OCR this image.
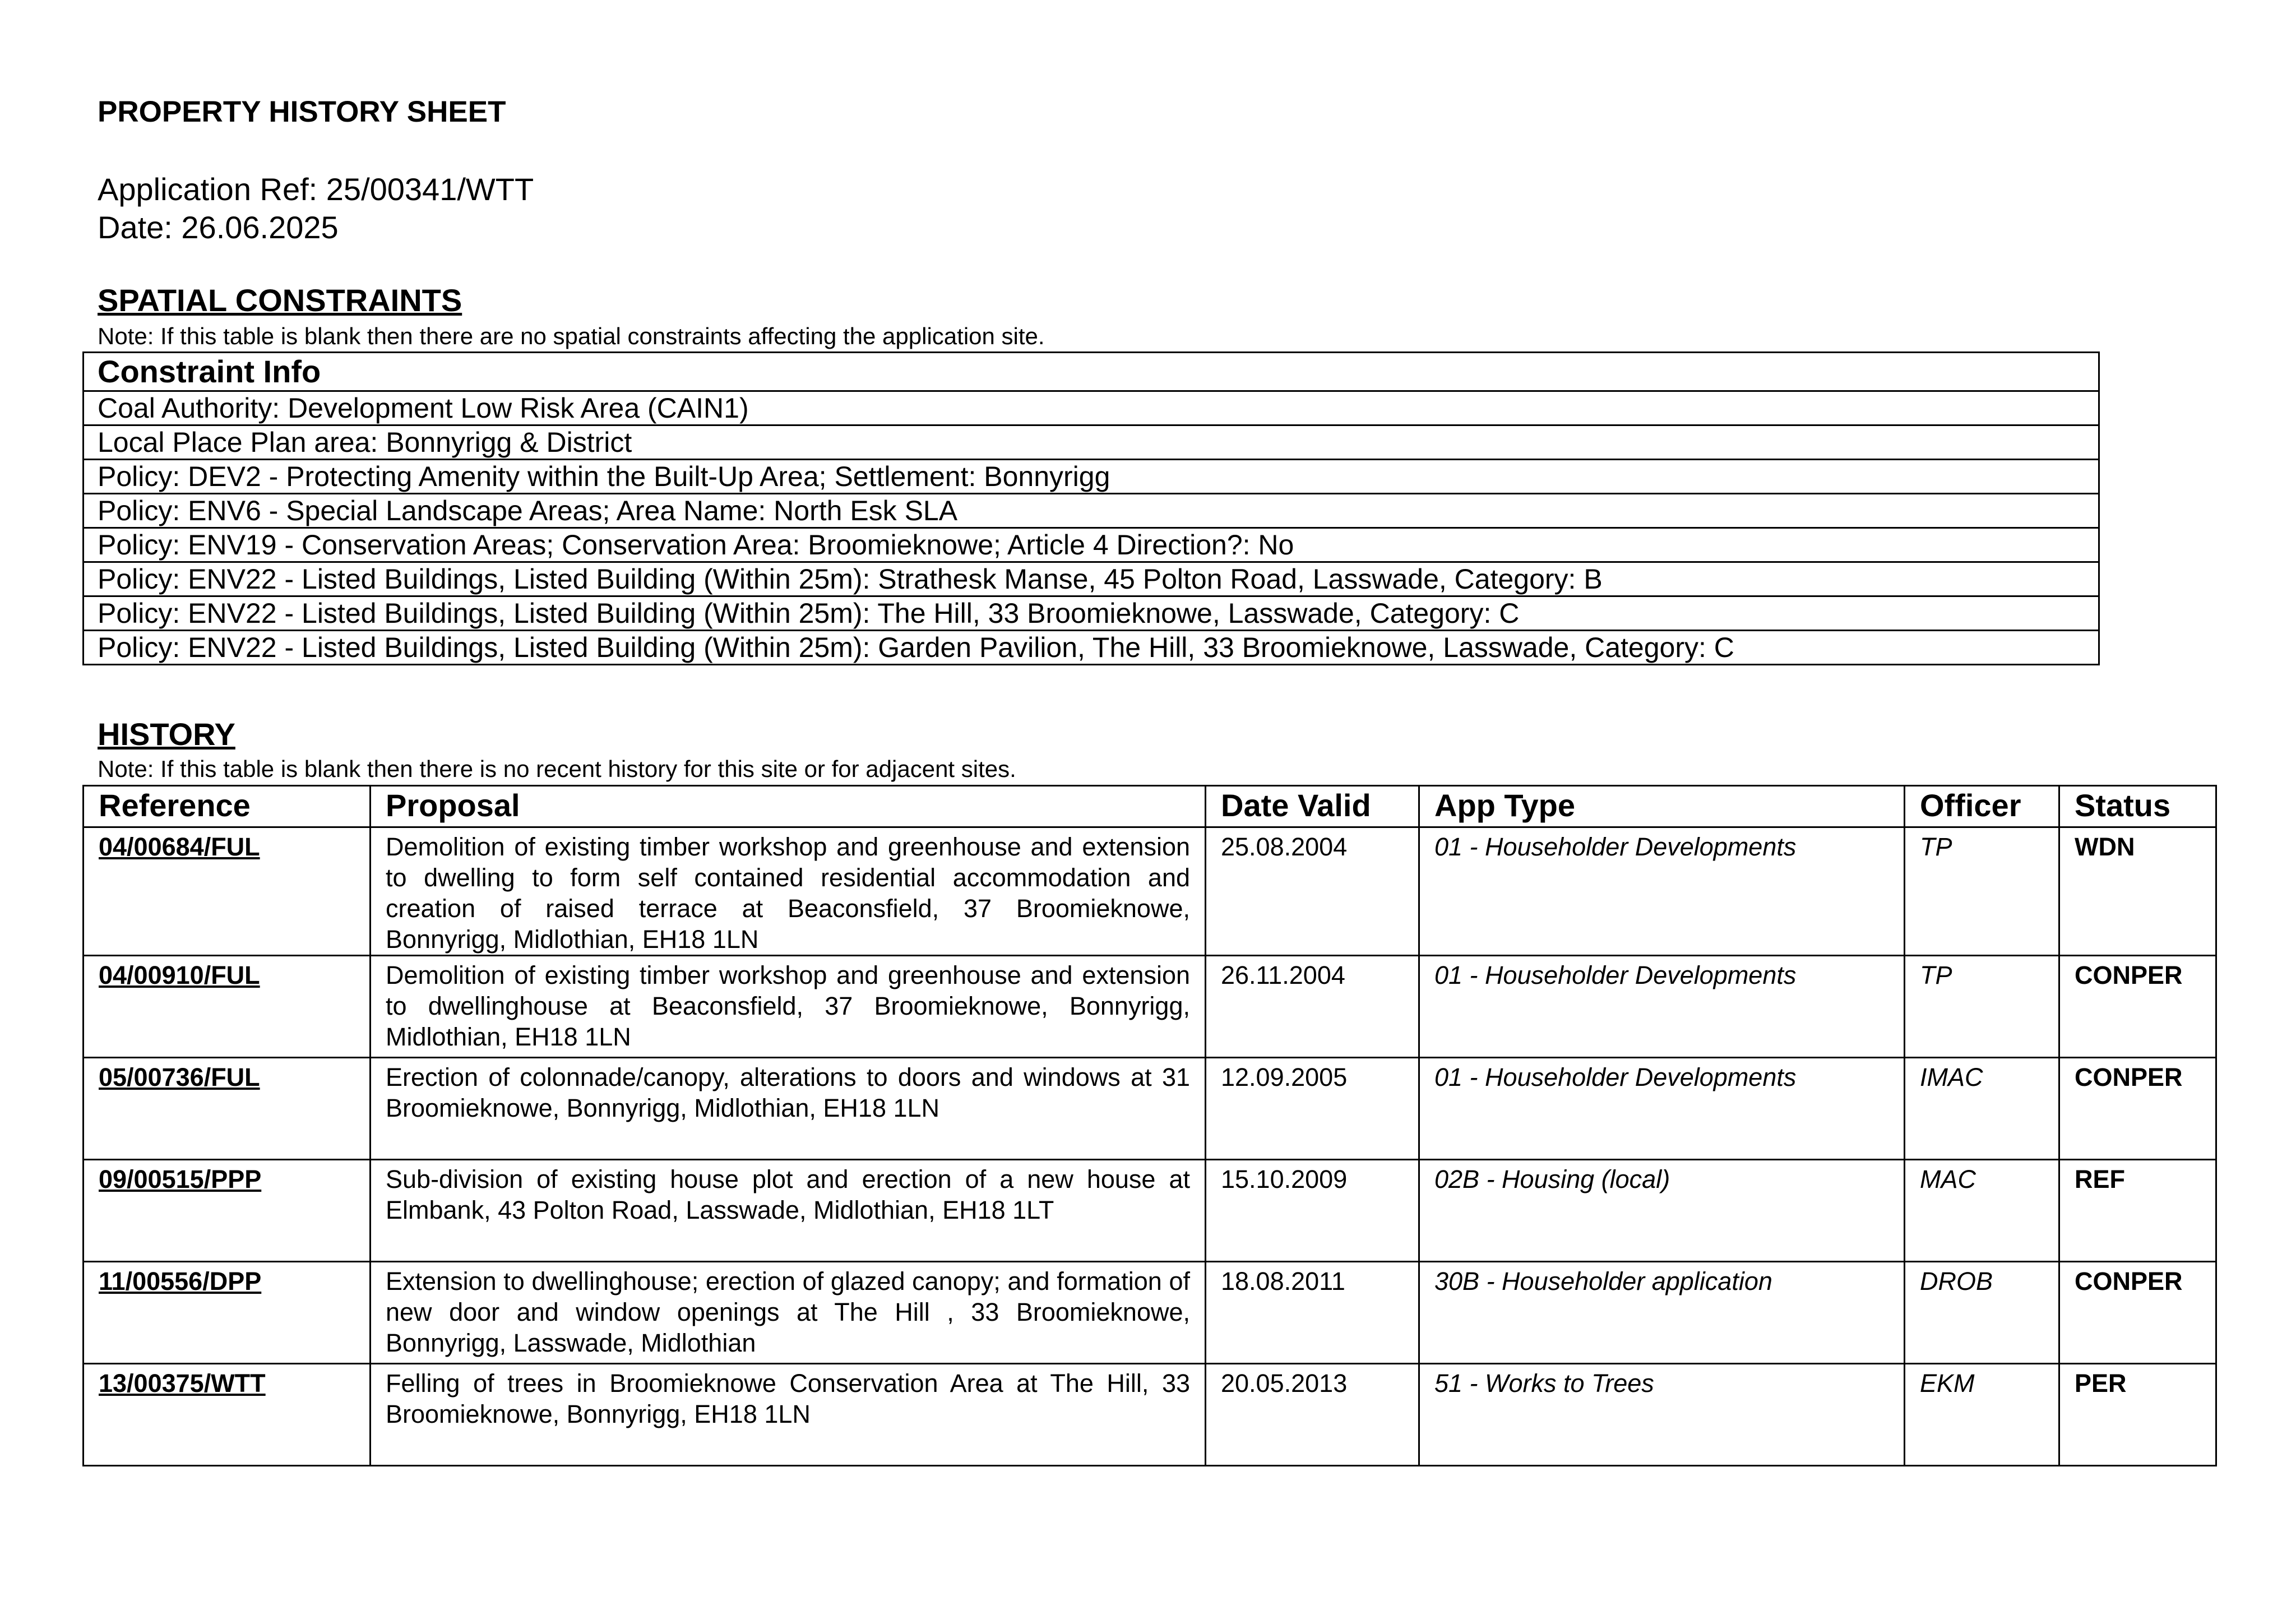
PROPERTY HISTORY SHEET
Application Ref: 25/00341/WTT
Date: 26.06.2025
SPATIAL CONSTRAINTS
Note: If this table is blank then there are no spatial constraints affecting the application site.
Constraint Info
Coal Authority: Development Low Risk Area (CAIN1)
Local Place Plan area: Bonnyrigg & District
Policy: DEV2 - Protecting Amenity within the Built-Up Area; Settlement: Bonnyrigg
Policy: ENV6 - Special Landscape Areas; Area Name: North Esk SLA
Policy: ENV19 - Conservation Areas; Conservation Area: Broomieknowe; Article 4 Direction?: No
Policy: ENV22 - Listed Buildings, Listed Building (Within 25m): Strathesk Manse, 45 Polton Road, Lasswade, Category: B
Policy: ENV22 - Listed Buildings, Listed Building (Within 25m): The Hill, 33 Broomieknowe, Lasswade, Category: C
Policy: ENV22 - Listed Buildings, Listed Building (Within 25m): Garden Pavilion, The Hill, 33 Broomieknowe, Lasswade, Category: C
HISTORY
Note: If this table is blank then there is no recent history for this site or for adjacent sites.
Reference	Proposal	Date Valid	App Type	Officer	Status
04/00684/FUL	Demolition of existing timber workshop and greenhouse and extension to dwelling to form self contained residential accommodation and creation of raised terrace at Beaconsfield, 37 Broomieknowe, Bonnyrigg, Midlothian, EH18 1LN	25.08.2004	01 - Householder Developments	TP	WDN
04/00910/FUL	Demolition of existing timber workshop and greenhouse and extension to dwellinghouse at Beaconsfield, 37 Broomieknowe, Bonnyrigg, Midlothian, EH18 1LN	26.11.2004	01 - Householder Developments	TP	CONPER
05/00736/FUL	Erection of colonnade/canopy, alterations to doors and windows at 31 Broomieknowe, Bonnyrigg, Midlothian, EH18 1LN	12.09.2005	01 - Householder Developments	IMAC	CONPER
09/00515/PPP	Sub-division of existing house plot and erection of a new house at Elmbank, 43 Polton Road, Lasswade, Midlothian, EH18 1LT	15.10.2009	02B - Housing (local)	MAC	REF
11/00556/DPP	Extension to dwellinghouse; erection of glazed canopy; and formation of new door and window openings at The Hill , 33 Broomieknowe, Bonnyrigg, Lasswade, Midlothian	18.08.2011	30B - Householder application	DROB	CONPER
13/00375/WTT	Felling of trees in Broomieknowe Conservation Area at The Hill, 33 Broomieknowe, Bonnyrigg, EH18 1LN	20.05.2013	51 - Works to Trees	EKM	PER
